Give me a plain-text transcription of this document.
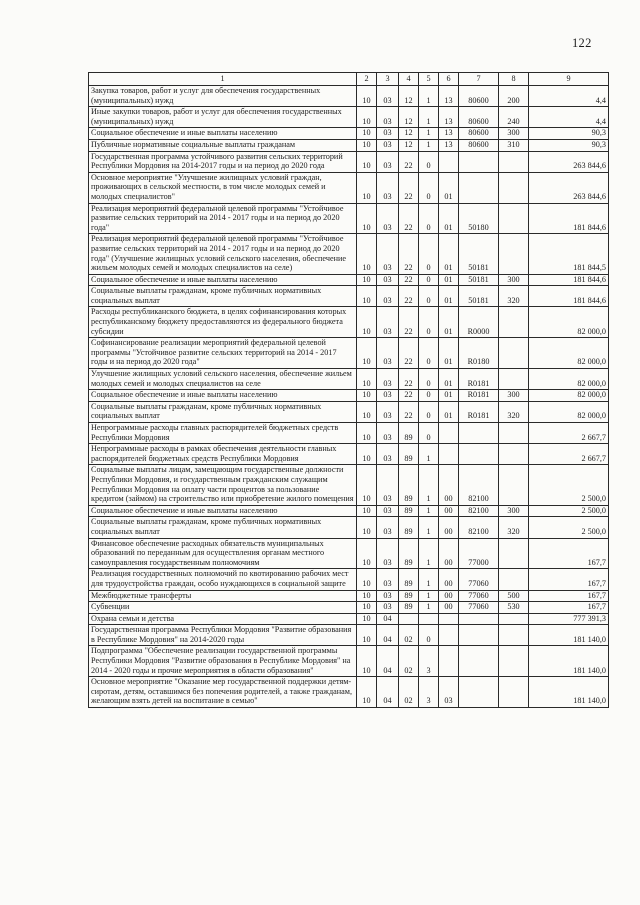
122
1	2	3	4	5	6	7	8	9
Закупка товаров, работ и услуг для обеспечения государственных (муниципальных) нужд	10	03	12	1	13	80600	200	4,4
Иные закупки товаров, работ и услуг для обеспечения государственных (муниципальных) нужд	10	03	12	1	13	80600	240	4,4
Социальное обеспечение и иные выплаты населению	10	03	12	1	13	80600	300	90,3
Публичные нормативные социальные выплаты гражданам	10	03	12	1	13	80600	310	90,3
Государственная программа устойчивого развития сельских территорий Республики Мордовия на 2014-2017 годы и на период до 2020 года	10	03	22	0				263 844,6
Основное мероприятие "Улучшение жилищных условий граждан, проживающих в сельской местности, в том числе молодых семей и молодых специалистов"	10	03	22	0	01			263 844,6
Реализация мероприятий федеральной целевой программы "Устойчивое развитие сельских территорий на 2014 - 2017 годы и на период до 2020 года"	10	03	22	0	01	50180		181 844,6
Реализация мероприятий федеральной целевой программы "Устойчивое развитие сельских территорий на 2014 - 2017 годы и на период до 2020 года" (Улучшение жилищных условий сельского населения, обеспечение жильем молодых семей и молодых специалистов на селе)	10	03	22	0	01	50181		181 844,5
Социальное обеспечение и иные выплаты населению	10	03	22	0	01	50181	300	181 844,6
Социальные выплаты гражданам, кроме публичных нормативных социальных выплат	10	03	22	0	01	50181	320	181 844,6
Расходы республиканского бюджета, в целях софинансирования которых республиканскому бюджету предоставляются из федерального бюджета субсидии	10	03	22	0	01	R0000		82 000,0
Софинансирование реализации мероприятий федеральной целевой программы "Устойчивое развитие сельских территорий на 2014 - 2017 годы и на период до 2020 года"	10	03	22	0	01	R0180		82 000,0
Улучшение жилищных условий сельского населения, обеспечение жильем молодых семей и молодых специалистов на селе	10	03	22	0	01	R0181		82 000,0
Социальное обеспечение и иные выплаты населению	10	03	22	0	01	R0181	300	82 000,0
Социальные выплаты гражданам, кроме публичных нормативных социальных выплат	10	03	22	0	01	R0181	320	82 000,0
Непрограммные расходы главных распорядителей бюджетных средств Республики Мордовия	10	03	89	0				2 667,7
Непрограммные расходы в рамках обеспечения деятельности главных распорядителей бюджетных средств Республики Мордовия	10	03	89	1				2 667,7
Социальные выплаты лицам, замещающим государственные должности Республики Мордовия, и государственным гражданским служащим Республики Мордовия на оплату части процентов за пользование кредитом (займом) на строительство или приобретение жилого помещения	10	03	89	1	00	82100		2 500,0
Социальное обеспечение и иные выплаты населению	10	03	89	1	00	82100	300	2 500,0
Социальные выплаты гражданам, кроме публичных нормативных социальных выплат	10	03	89	1	00	82100	320	2 500,0
Финансовое обеспечение расходных обязательств муниципальных образований по переданным для осуществления органам местного самоуправления государственным полномочиям	10	03	89	1	00	77000		167,7
Реализация государственных полномочий по квотированию рабочих мест для трудоустройства граждан, особо нуждающихся в социальной защите	10	03	89	1	00	77060		167,7
Межбюджетные трансферты	10	03	89	1	00	77060	500	167,7
Субвенции	10	03	89	1	00	77060	530	167,7
Охрана семьи и детства	10	04						777 391,3
Государственная программа Республики Мордовия "Развитие образования в Республике Мордовия" на 2014-2020 годы	10	04	02	0				181 140,0
Подпрограмма "Обеспечение реализации государственной программы Республики Мордовия "Развитие образования в Республике Мордовия" на 2014 - 2020 годы и прочие мероприятия в области образования"	10	04	02	3				181 140,0
Основное мероприятие "Оказание мер государственной поддержки детям-сиротам, детям, оставшимся без попечения родителей, а также гражданам, желающим взять детей на воспитание в семью"	10	04	02	3	03			181 140,0
